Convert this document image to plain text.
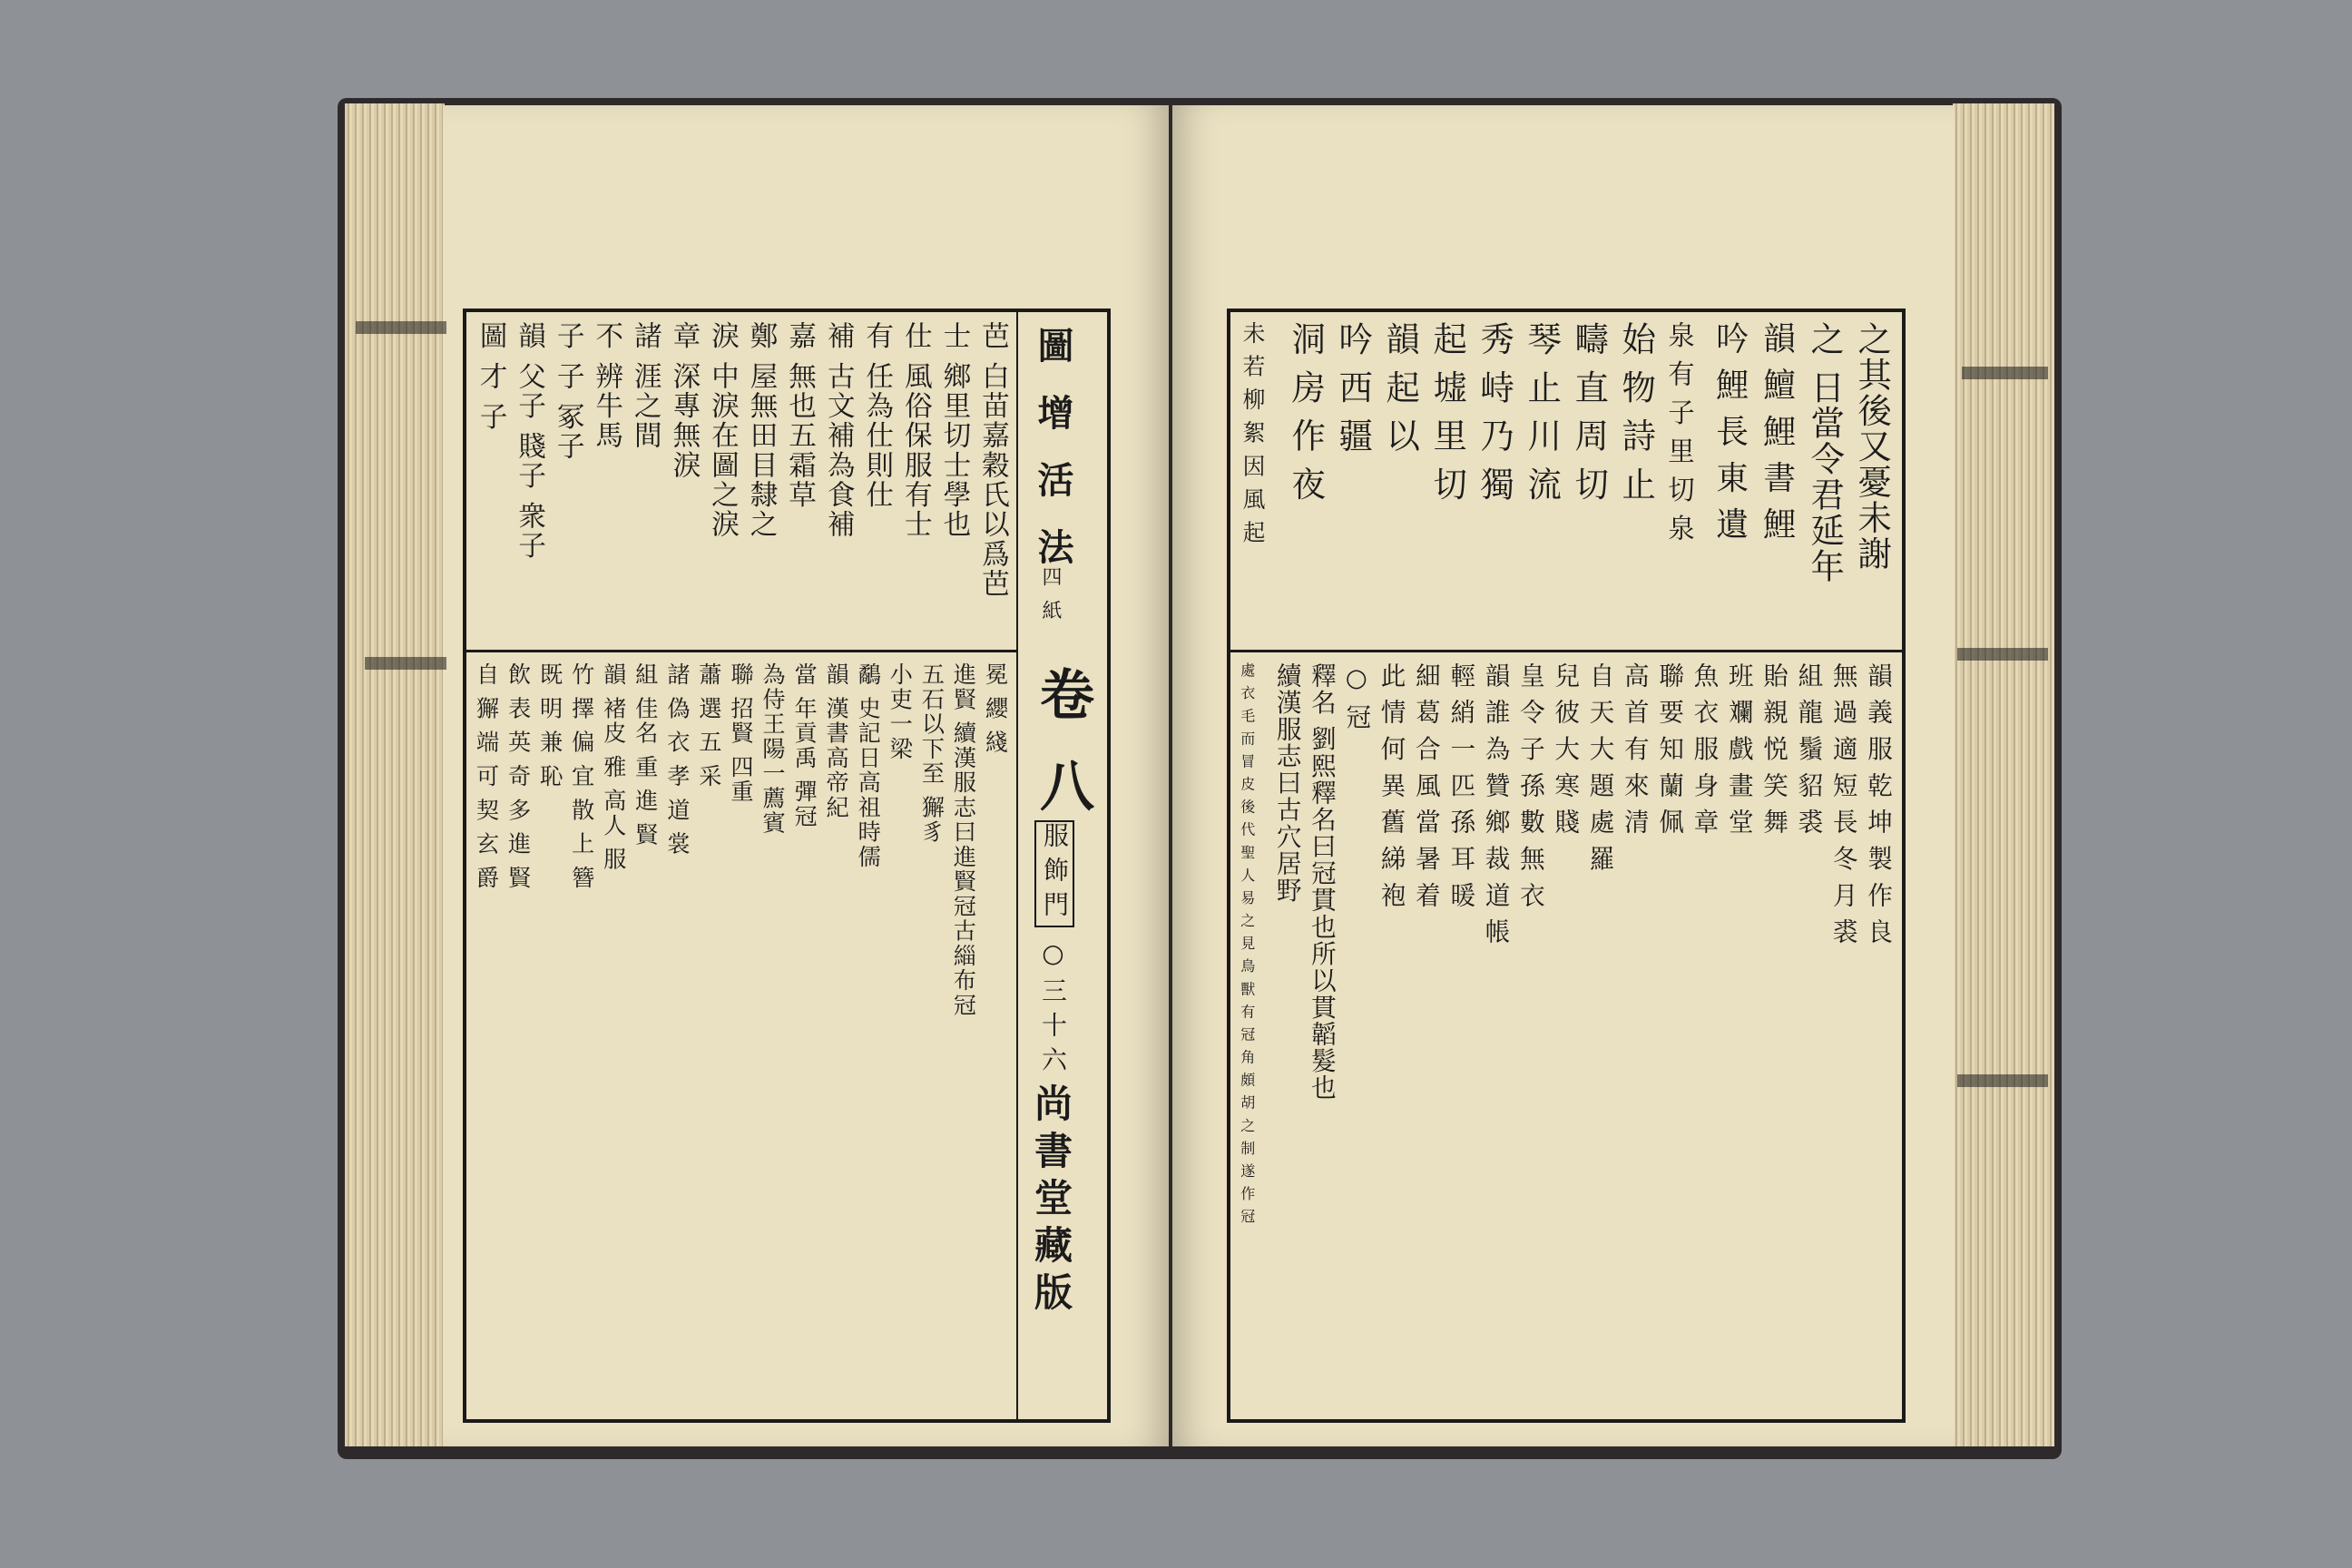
圖 增 活 法
四 紙
卷 八
服飾門
○三十六
尚書堂藏版
芭 白苗嘉穀氏以爲芭
士 鄉里切士學也
仕 風俗保服有士
有 任為仕則仕
補 古文補為食補
嘉 無也五霜草
鄭 屋無田目隸之
淚 中淚在圖之淚
章 深專無淚
諸 涯之間
不 辨牛馬
子 子 冢子
韻 父子 賤子 衆子
圖 才 子
冕 纓 綫
進賢 續漢服志曰進賢冠古緇布冠
五石以下至 獬豸
小吏一梁
鷸 史記日高祖時儒
韻 漢書高帝紀
當 年貢禹 彈冠
為侍王陽一薦賓
聯 招賢 四重
蕭 選 五 采
諸 偽 衣 孝 道 裳
組 佳名 重 進 賢
韻 褚皮 雅 高人 服
竹 擇 偏 宜 散 上 簪
既 明 兼 恥
飲 表 英 奇 多 進 賢
自 獬 端 可 契 玄 爵
之其後又憂未謝
之 日當令君延年
韻 鱣 鯉 書 鯉
吟 鯉 長 東 遺
泉 有 子 里 切 泉
始 物 詩 止
疇 直 周 切
琴 止 川 流
秀 峙 乃 獨
起 墟 里 切
韻 起 以
吟 西 疆
洞 房 作 夜
未 若 柳 絮 因 風 起
韻 義 服 乾 坤 製 作 良
無 過 適 短 長 冬 月 裘
組 龍 鬚 貂 裘
貽 親 悦 笑 舞
班 斕 戲 畫 堂
魚 衣 服 身 章
聯 要 知 蘭 佩
高 首 有 來 清
自 天 大 題 處 羅
兒 彼 大 寒 賤
皇 令 子 孫 數 無 衣
韻 誰 為 贊 鄉 裁 道 帳
輕 綃 一 匹 孫 耳 暖
細 葛 合 風 當 暑 着
此 情 何 異 舊 綈 袍
○ 冠
釋名 劉熙釋名曰冠貫也所以貫韜髮也
續漢服志曰古穴居野
處 衣 毛 而 冒 皮 後 代 聖 人 易 之 見 鳥 獸 有 冠 角 頗 胡 之 制 遂 作 冠
